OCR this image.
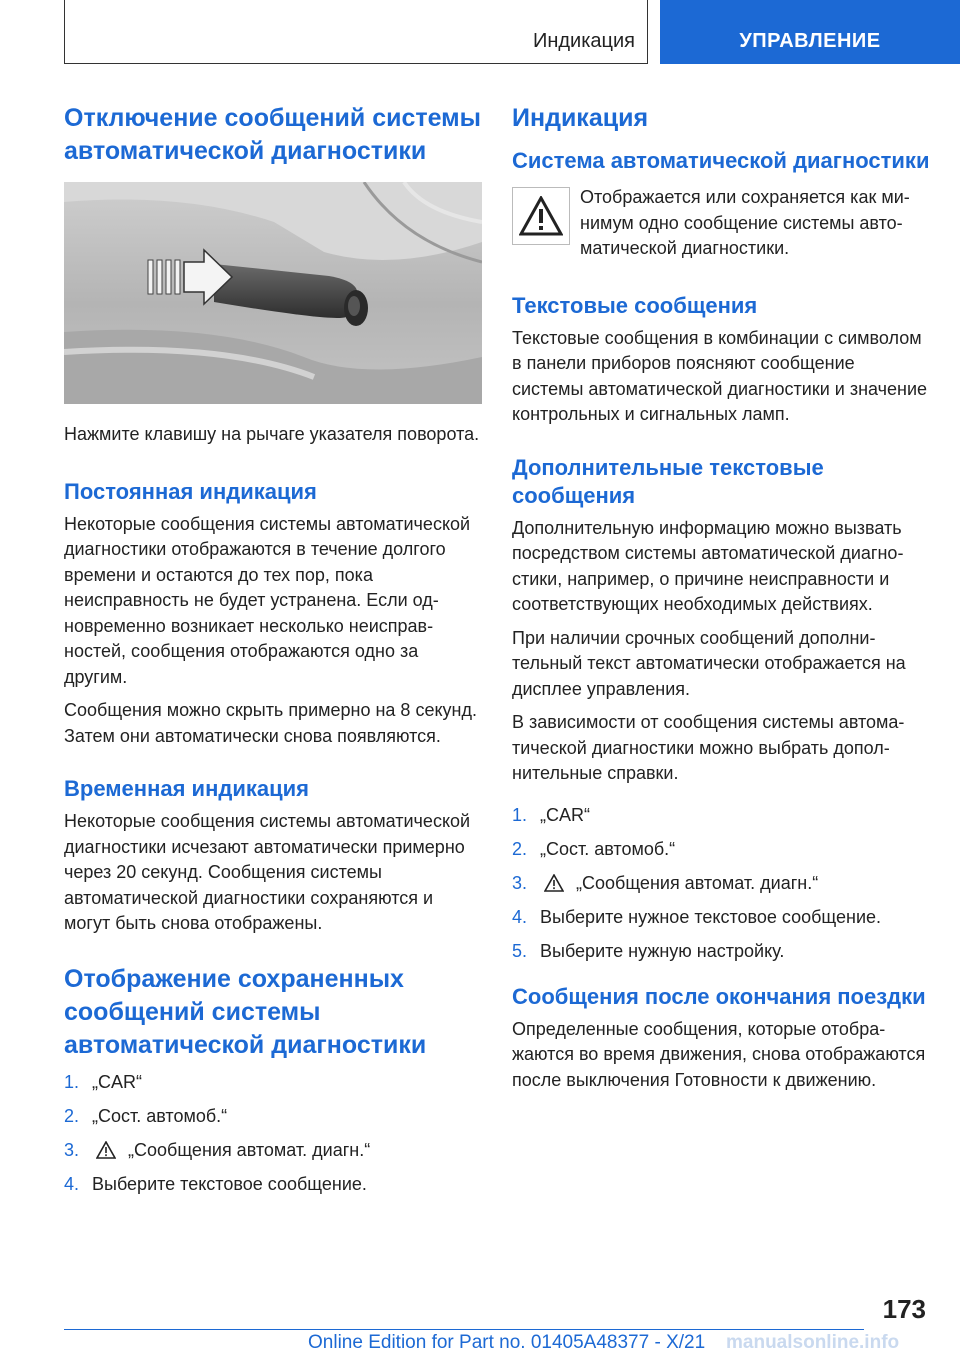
Индикация	УПРАВЛЕНИЕ
Отключение сообщений системы автоматической диагностики

Нажмите клавишу на рычаге указателя поворота.

Постоянная индикация

Некоторые сообщения системы автоматической диагностики отображаются в течение долгого времени и остаются до тех пор, пока неисправность не будет устранена. Если одновременно возникает несколько неисправностей, сообщения отображаются одно за другим.

Сообщения можно скрыть примерно на 8 секунд. Затем они автоматически снова появляются.

Временная индикация

Некоторые сообщения системы автоматической диагностики исчезают автоматически примерно через 20 секунд. Сообщения системы автоматической диагностики сохраняются и могут быть снова отображены.

Отображение сохраненных сообщений системы автоматической диагностики
1. „CAR“
2. „Сост. автомоб.“
3.	„Сообщения автомат. диагн.“
4. Выберите текстовое сообщение.
Индикация
Система автоматической диагностики
Отображается или сохраняется как минимум одно сообщение системы автоматической диагностики.
Текстовые сообщения

Текстовые сообщения в комбинации с символом в панели приборов поясняют сообщение системы автоматической диагностики и значение контрольных и сигнальных ламп.

Дополнительные текстовые сообщения

Дополнительную информацию можно вызвать посредством системы автоматической диагностики, например, о причине неисправности и соответствующих необходимых действиях.

При наличии срочных сообщений дополнительный текст автоматически отображается на дисплее управления.

В зависимости от сообщения системы автоматической диагностики можно выбрать дополнительные справки.

1. „CAR“
2. „Сост. автомоб.“
3.	„Сообщения автомат. диагн.“
4. Выберите нужное текстовое сообщение.
5. Выберите нужную настройку.
Сообщения после окончания поездки

Определенные сообщения, которые отображаются во время движения, снова отображаются после выключения Готовности к движению.

173
Online Edition for Part no. 01405A48377 - X/21 manualsonline.info
